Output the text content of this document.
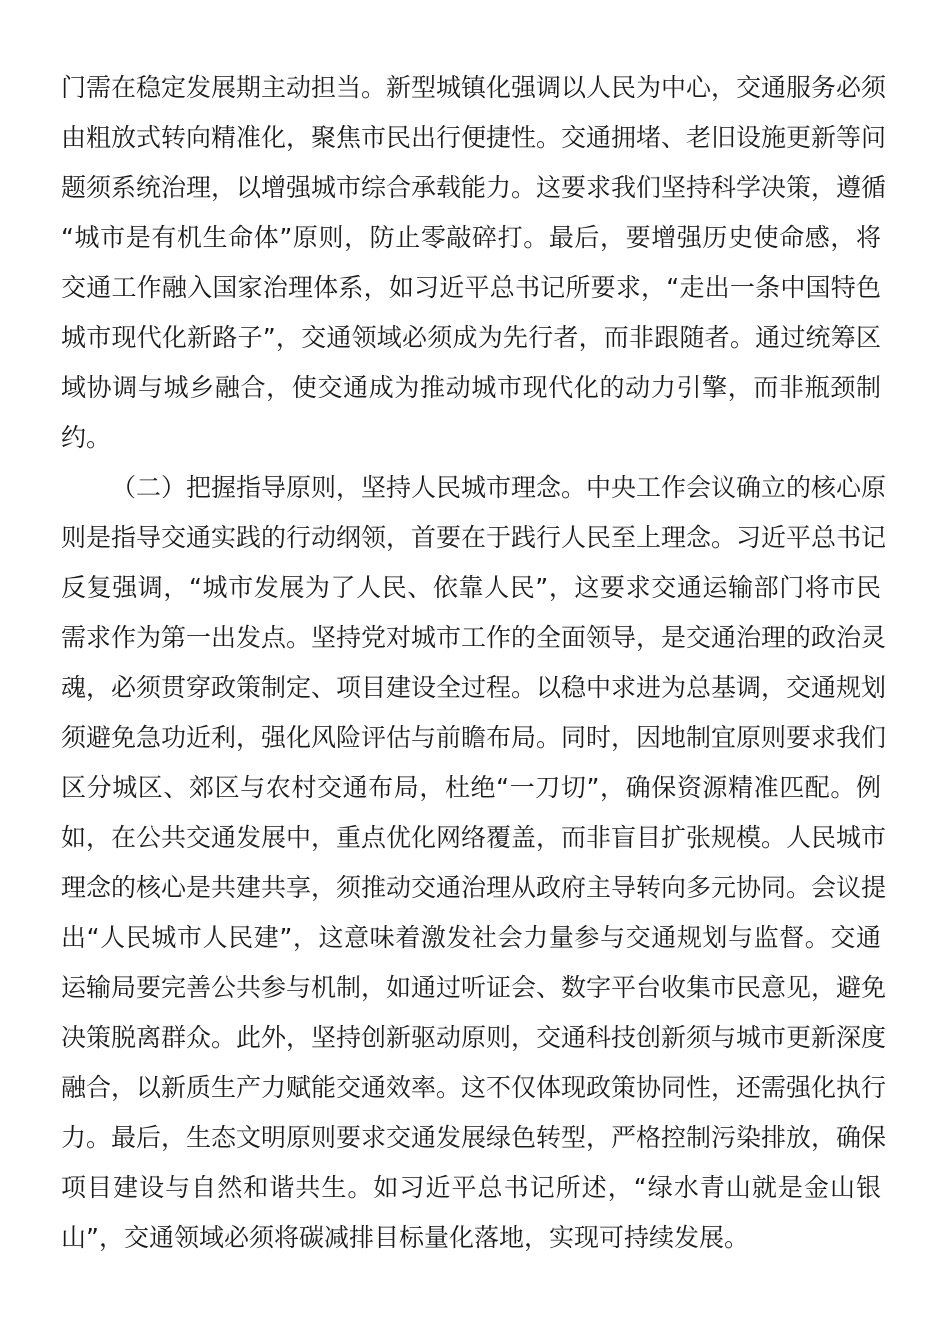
门需在稳定发展期主动担当。新型城镇化强调以人民为中心，交通服务必须
由粗放式转向精准化，聚焦市民出行便捷性。交通拥堵、老旧设施更新等问
题须系统治理，以增强城市综合承载能力。这要求我们坚持科学决策，遵循
“城市是有机生命体”原则，防止零敲碎打。最后，要增强历史使命感，将
交通工作融入国家治理体系，如习近平总书记所要求，“走出一条中国特色
城市现代化新路子”，交通领域必须成为先行者，而非跟随者。通过统筹区
域协调与城乡融合，使交通成为推动城市现代化的动力引擎，而非瓶颈制
约。
（二）把握指导原则，坚持人民城市理念。中央工作会议确立的核心原
则是指导交通实践的行动纲领，首要在于践行人民至上理念。习近平总书记
反复强调，“城市发展为了人民、依靠人民”，这要求交通运输部门将市民
需求作为第一出发点。坚持党对城市工作的全面领导，是交通治理的政治灵
魂，必须贯穿政策制定、项目建设全过程。以稳中求进为总基调，交通规划
须避免急功近利，强化风险评估与前瞻布局。同时，因地制宜原则要求我们
区分城区、郊区与农村交通布局，杜绝“一刀切”，确保资源精准匹配。例
如，在公共交通发展中，重点优化网络覆盖，而非盲目扩张规模。人民城市
理念的核心是共建共享，须推动交通治理从政府主导转向多元协同。会议提
出“人民城市人民建”，这意味着激发社会力量参与交通规划与监督。交通
运输局要完善公共参与机制，如通过听证会、数字平台收集市民意见，避免
决策脱离群众。此外，坚持创新驱动原则，交通科技创新须与城市更新深度
融合，以新质生产力赋能交通效率。这不仅体现政策协同性，还需强化执行
力。最后，生态文明原则要求交通发展绿色转型，严格控制污染排放，确保
项目建设与自然和谐共生。如习近平总书记所述，“绿水青山就是金山银
山”，交通领域必须将碳减排目标量化落地，实现可持续发展。
